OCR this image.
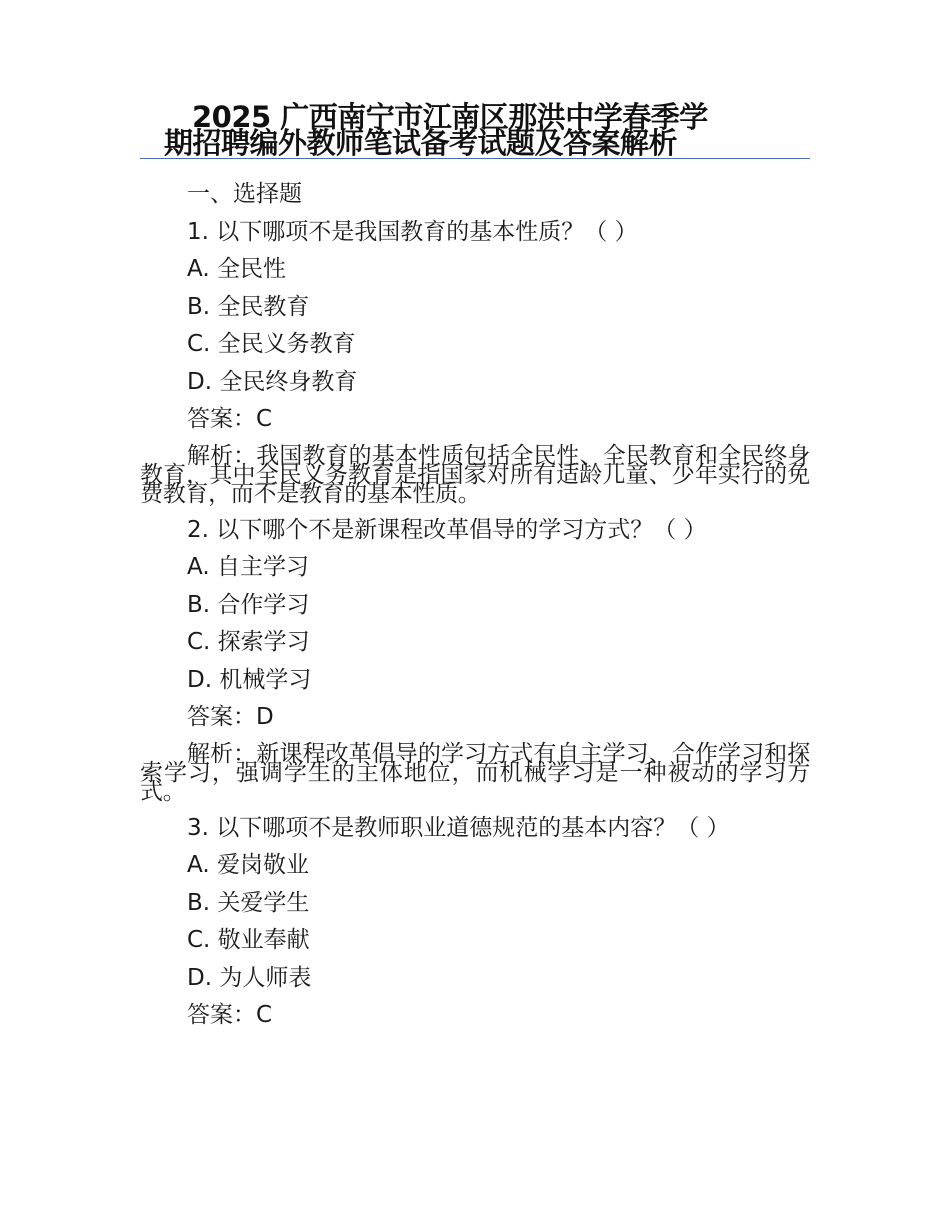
2025 广西南宁市江南区那洪中学春季学
期招聘编外教师笔试备考试题及答案解析
一、选择题
1. 以下哪项不是我国教育的基本性质？（ ）
A. 全民性
B. 全民教育
C. 全民义务教育
D. 全民终身教育
答案：C
解析：我国教育的基本性质包括全民性、全民教育和全民终身教育，其中全民义务教育是指国家对所有适龄儿童、少年实行的免费教育，而不是教育的基本性质。
2. 以下哪个不是新课程改革倡导的学习方式？（ ）
A. 自主学习
B. 合作学习
C. 探索学习
D. 机械学习
答案：D
解析：新课程改革倡导的学习方式有自主学习、合作学习和探索学习，强调学生的主体地位，而机械学习是一种被动的学习方式。
3. 以下哪项不是教师职业道德规范的基本内容？（ ）
A. 爱岗敬业
B. 关爱学生
C. 敬业奉献
D. 为人师表
答案：C
